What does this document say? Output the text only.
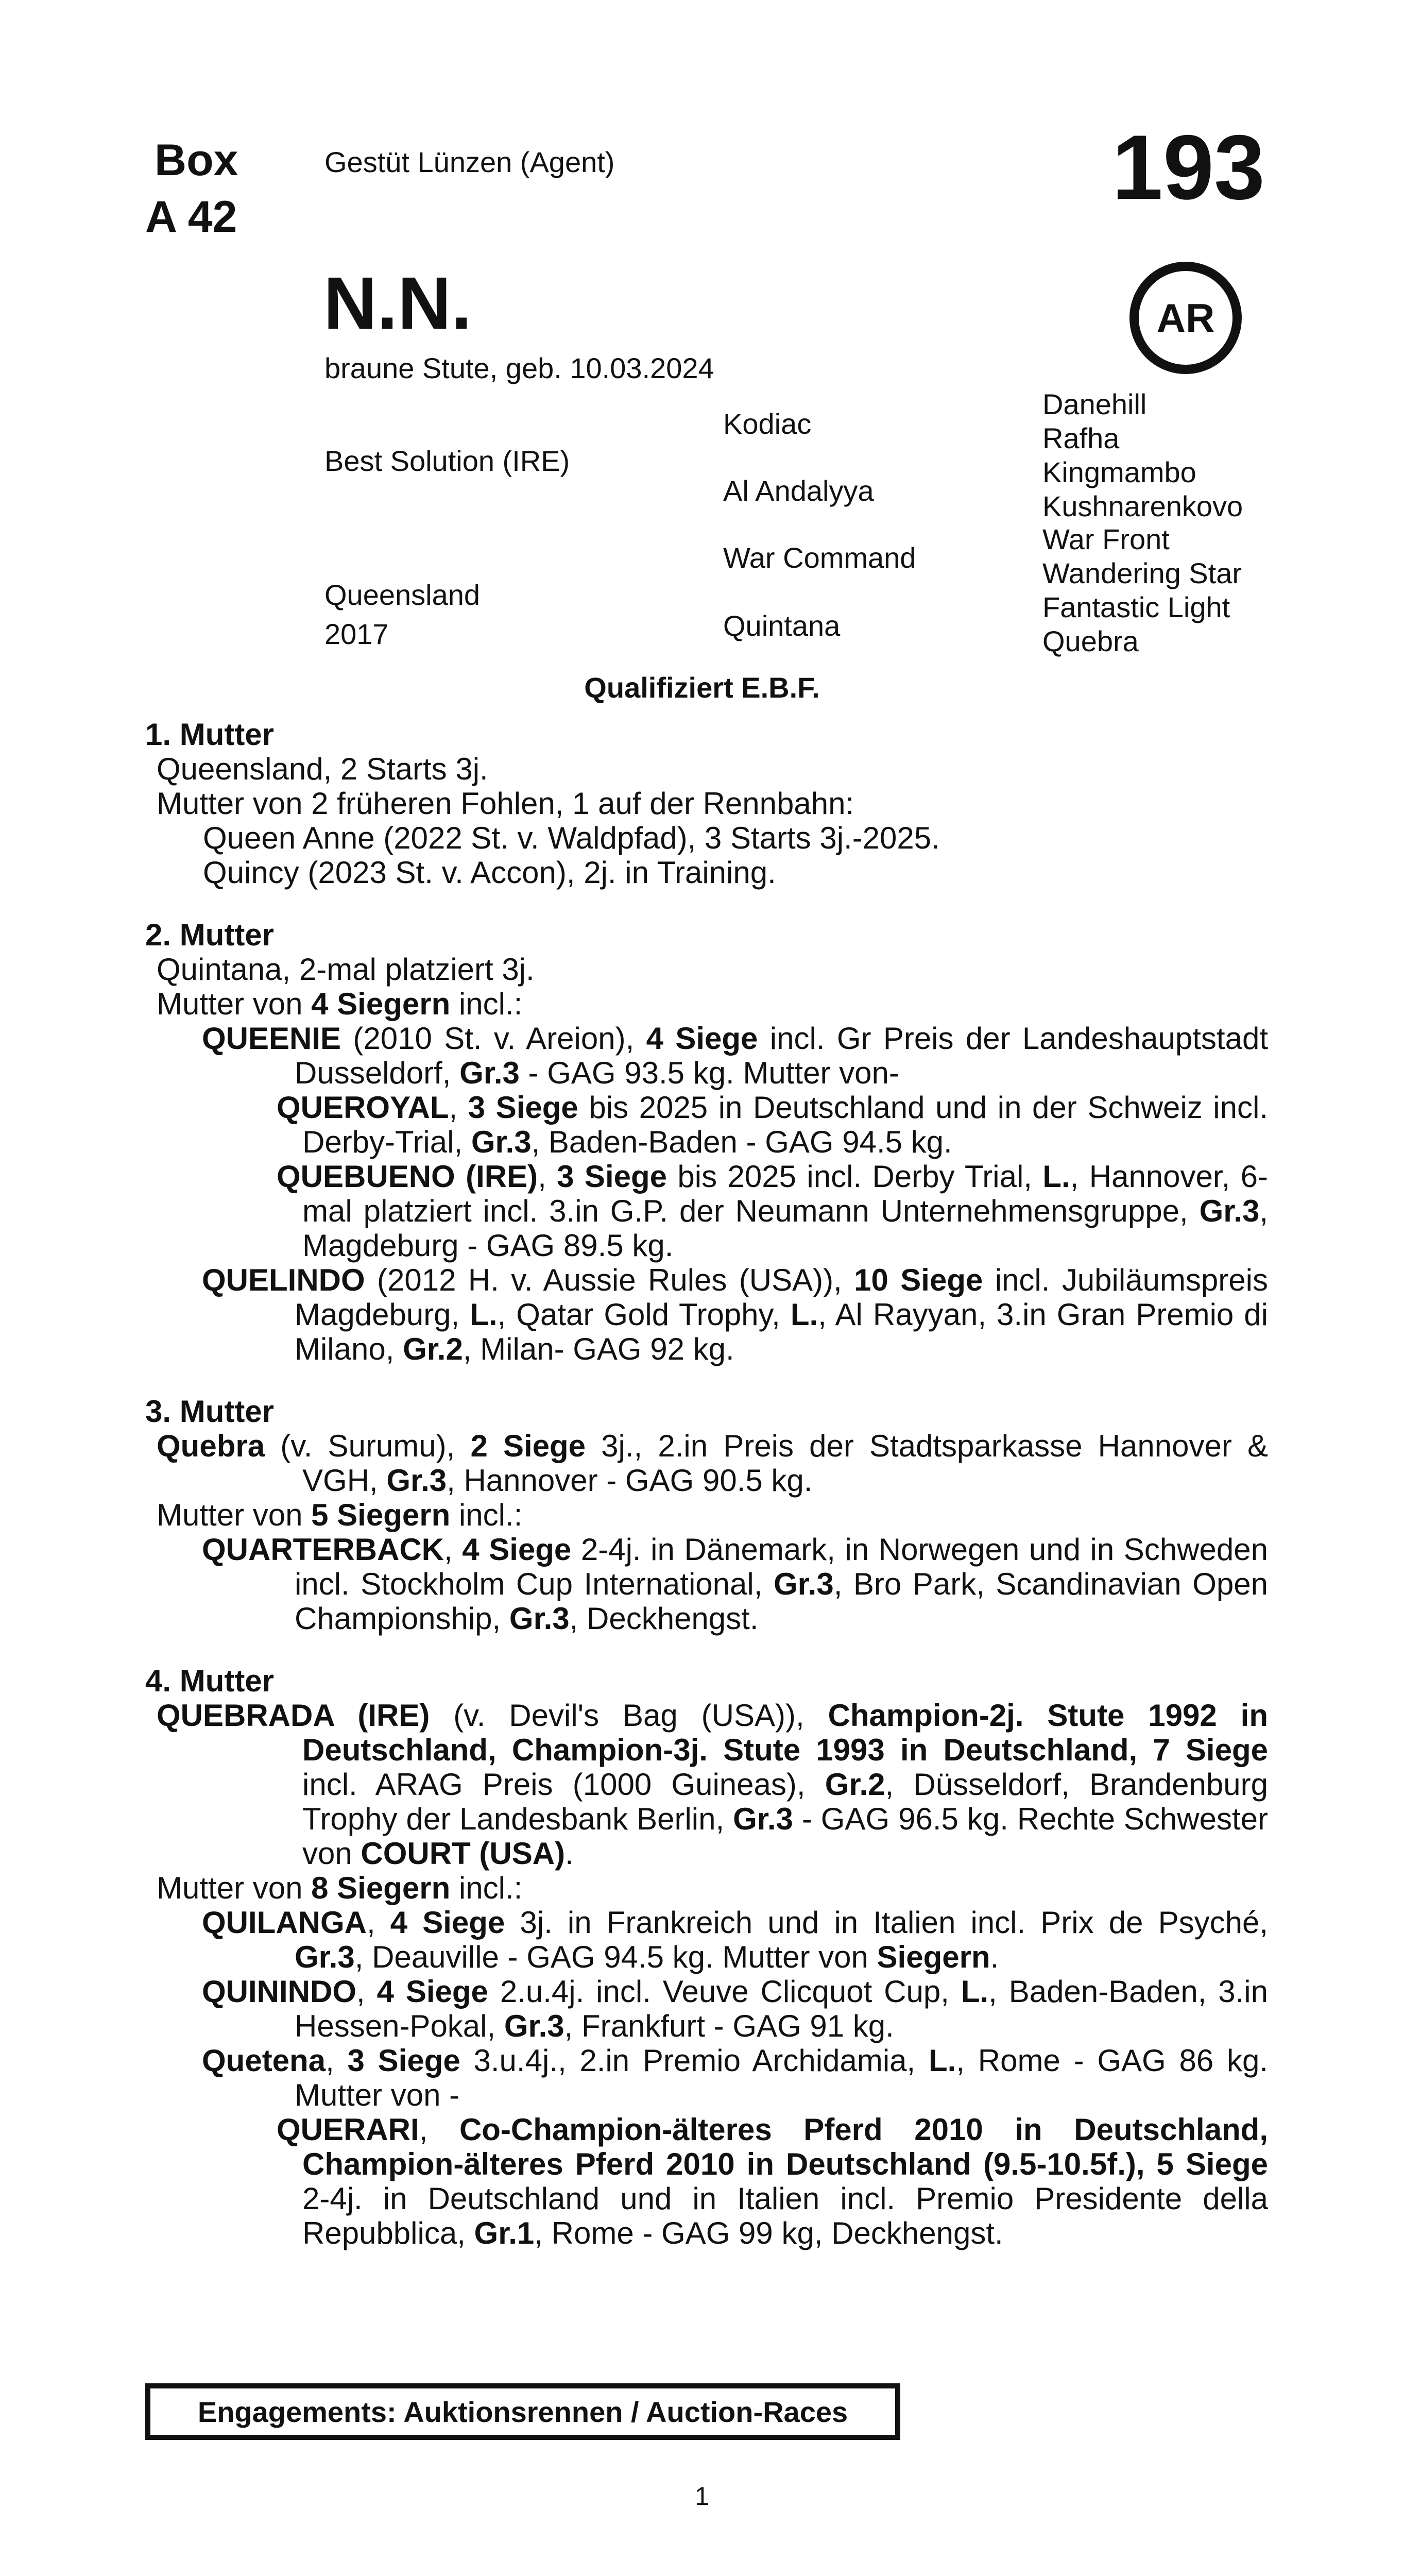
Box
A 42
Gestüt Lünzen (Agent)	193
AR
N.N.
braune Stute, geb. 10.03.2024
Best Solution (IRE)
Queensland
2017
Kodiac
Al Andalyya
War Command
Quintana
Danehill
Rafha
Kingmambo
Kushnarenkovo
War Front
Wandering Star
Fantastic Light
Quebra
Qualifiziert E.B.F.

1. Mutter

Queensland, 2 Starts 3j.

Mutter von 2 früheren Fohlen, 1 auf der Rennbahn:

Queen Anne (2022 St. v. Waldpfad), 3 Starts 3j.-2025.

Quincy (2023 St. v. Accon), 2j. in Training.

2. Mutter

Quintana, 2-mal platziert 3j.

Mutter von 4 Siegern incl.:

QUEENIE (2010 St. v. Areion), 4 Siege incl. Gr Preis der Landeshauptstadt Dusseldorf, Gr.3 - GAG 93.5 kg. Mutter von-

QUEROYAL, 3 Siege bis 2025 in Deutschland und in der Schweiz incl. Derby-Trial, Gr.3, Baden-Baden - GAG 94.5 kg.

QUEBUENO (IRE), 3 Siege bis 2025 incl. Derby Trial, L., Hannover, 6-mal platziert incl. 3.in G.P. der Neumann Unternehmensgruppe, Gr.3, Magdeburg - GAG 89.5 kg.

QUELINDO (2012 H. v. Aussie Rules (USA)), 10 Siege incl. Jubiläumspreis Magdeburg, L., Qatar Gold Trophy, L., Al Rayyan, 3.in Gran Premio di Milano, Gr.2, Milan- GAG 92 kg.

3. Mutter

Quebra (v. Surumu), 2 Siege 3j., 2.in Preis der Stadtsparkasse Hannover & VGH, Gr.3, Hannover - GAG 90.5 kg.

Mutter von 5 Siegern incl.:

QUARTERBACK, 4 Siege 2-4j. in Dänemark, in Norwegen und in Schweden incl. Stockholm Cup International, Gr.3, Bro Park, Scandinavian Open Championship, Gr.3, Deckhengst.

4. Mutter

QUEBRADA (IRE) (v. Devil's Bag (USA)), Champion-2j. Stute 1992 in Deutschland, Champion-3j. Stute 1993 in Deutschland, 7 Siege incl. ARAG Preis (1000 Guineas), Gr.2, Düsseldorf, Brandenburg Trophy der Landesbank Berlin, Gr.3 - GAG 96.5 kg. Rechte Schwester von COURT (USA).

Mutter von 8 Siegern incl.:

QUILANGA, 4 Siege 3j. in Frankreich und in Italien incl. Prix de Psyché, Gr.3, Deauville - GAG 94.5 kg. Mutter von Siegern.

QUININDO, 4 Siege 2.u.4j. incl. Veuve Clicquot Cup, L., Baden-Baden, 3.in Hessen-Pokal, Gr.3, Frankfurt - GAG 91 kg.

Quetena, 3 Siege 3.u.4j., 2.in Premio Archidamia, L., Rome - GAG 86 kg. Mutter von -

QUERARI, Co-Champion-älteres Pferd 2010 in Deutschland, Champion-älteres Pferd 2010 in Deutschland (9.5-10.5f.), 5 Siege 2-4j. in Deutschland und in Italien incl. Premio Presidente della Repubblica, Gr.1, Rome - GAG 99 kg, Deckhengst.

Engagements: Auktionsrennen / Auction-Races
1
